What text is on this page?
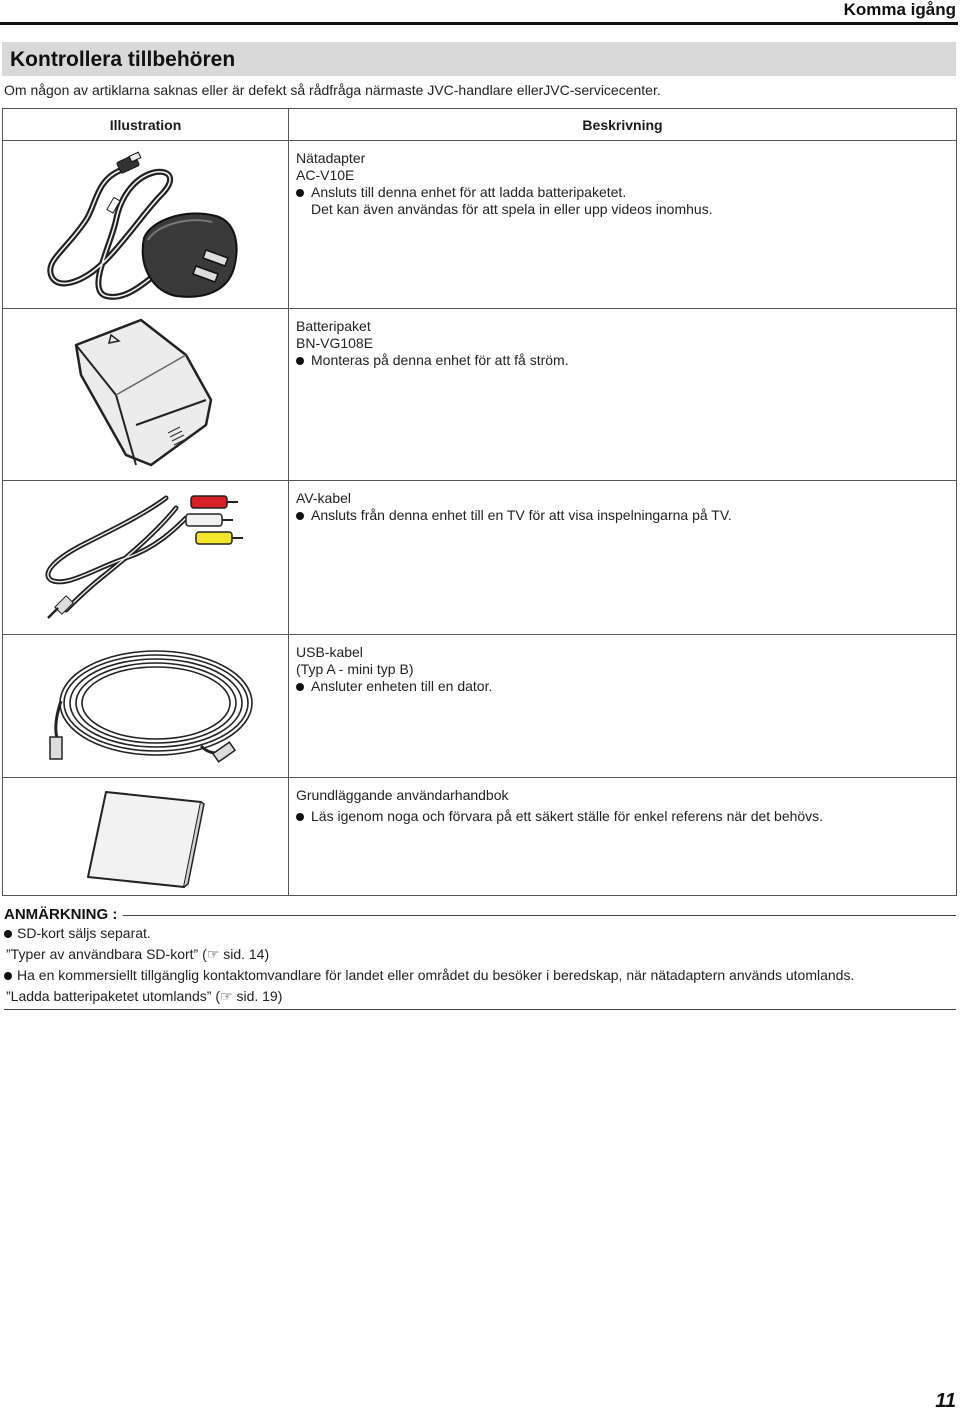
Komma igång
Kontrollera tillbehören
Om någon av artiklarna saknas eller är defekt så rådfråga närmaste JVC-handlare ellerJVC-servicecenter.
Illustration	Beskrivning

Nätadapter
AC-V10E
Ansluts till denna enhet för att ladda batteripaketet.
Det kan även användas för att spela in eller upp videos inomhus.

Batteripaket
BN-VG108E
Monteras på denna enhet för att få ström.

AV-kabel
Ansluts från denna enhet till en TV för att visa inspelningarna på TV.

USB-kabel
(Typ A - mini typ B)
Ansluter enheten till en dator.

Grundläggande användarhandbok
Läs igenom noga och förvara på ett säkert ställe för enkel referens när det behövs.
ANMÄRKNING :
SD-kort säljs separat.
”Typer av användbara SD-kort” (☞ sid. 14)
Ha en kommersiellt tillgänglig kontaktomvandlare för landet eller området du besöker i beredskap, när nätadaptern används utomlands.
”Ladda batteripaketet utomlands” (☞ sid. 19)
11
